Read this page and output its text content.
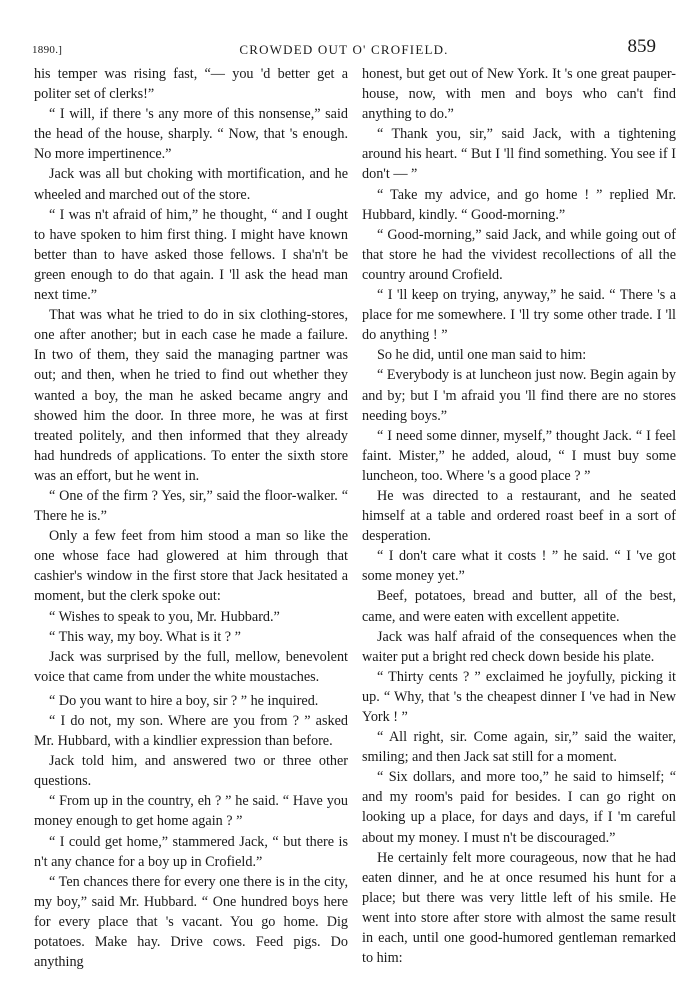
1890.]	CROWDED OUT O' CROFIELD.	859

his temper was rising fast, “— you 'd better get a politer set of clerks!”

“ I will, if there 's any more of this nonsense,” said the head of the house, sharply. “ Now, that 's enough. No more impertinence.”

Jack was all but choking with mortification, and he wheeled and marched out of the store.

“ I was n't afraid of him,” he thought, “ and I ought to have spoken to him first thing. I might have known better than to have asked those fellows. I sha'n't be green enough to do that again. I 'll ask the head man next time.”

That was what he tried to do in six clothing-stores, one after another; but in each case he made a failure. In two of them, they said the managing partner was out; and then, when he tried to find out whether they wanted a boy, the man he asked became angry and showed him the door. In three more, he was at first treated politely, and then informed that they already had hundreds of applications. To enter the sixth store was an effort, but he went in.

“ One of the firm ? Yes, sir,” said the floor-walker. “ There he is.”

Only a few feet from him stood a man so like the one whose face had glowered at him through that cashier's window in the first store that Jack hesitated a moment, but the clerk spoke out:

“ Wishes to speak to you, Mr. Hubbard.”

“ This way, my boy. What is it ? ”

Jack was surprised by the full, mellow, benevolent voice that came from under the white moustaches.

“ Do you want to hire a boy, sir ? ” he inquired.

“ I do not, my son. Where are you from ? ” asked Mr. Hubbard, with a kindlier expression than before.

Jack told him, and answered two or three other questions.

“ From up in the country, eh ? ” he said. “ Have you money enough to get home again ? ”

“ I could get home,” stammered Jack, “ but there is n't any chance for a boy up in Crofield.”

“ Ten chances there for every one there is in the city, my boy,” said Mr. Hubbard. “ One hundred boys here for every place that 's vacant. You go home. Dig potatoes. Make hay. Drive cows. Feed pigs. Do anything

honest, but get out of New York. It 's one great pauper-house, now, with men and boys who can't find anything to do.”

“ Thank you, sir,” said Jack, with a tightening around his heart. “ But I 'll find something. You see if I don't — ”

“ Take my advice, and go home ! ” replied Mr. Hubbard, kindly. “ Good-morning.”

“ Good-morning,” said Jack, and while going out of that store he had the vividest recollections of all the country around Crofield.

“ I 'll keep on trying, anyway,” he said. “ There 's a place for me somewhere. I 'll try some other trade. I 'll do anything ! ”

So he did, until one man said to him:

“ Everybody is at luncheon just now. Begin again by and by; but I 'm afraid you 'll find there are no stores needing boys.”

“ I need some dinner, myself,” thought Jack. “ I feel faint. Mister,” he added, aloud, “ I must buy some luncheon, too. Where 's a good place ? ”

He was directed to a restaurant, and he seated himself at a table and ordered roast beef in a sort of desperation.

“ I don't care what it costs ! ” he said. “ I 've got some money yet.”

Beef, potatoes, bread and butter, all of the best, came, and were eaten with excellent appetite.

Jack was half afraid of the consequences when the waiter put a bright red check down beside his plate.

“ Thirty cents ? ” exclaimed he joyfully, picking it up. “ Why, that 's the cheapest dinner I 've had in New York ! ”

“ All right, sir. Come again, sir,” said the waiter, smiling; and then Jack sat still for a moment.

“ Six dollars, and more too,” he said to himself; “ and my room's paid for besides. I can go right on looking up a place, for days and days, if I 'm careful about my money. I must n't be discouraged.”

He certainly felt more courageous, now that he had eaten dinner, and he at once resumed his hunt for a place; but there was very little left of his smile. He went into store after store with almost the same result in each, until one good-humored gentleman remarked to him:
